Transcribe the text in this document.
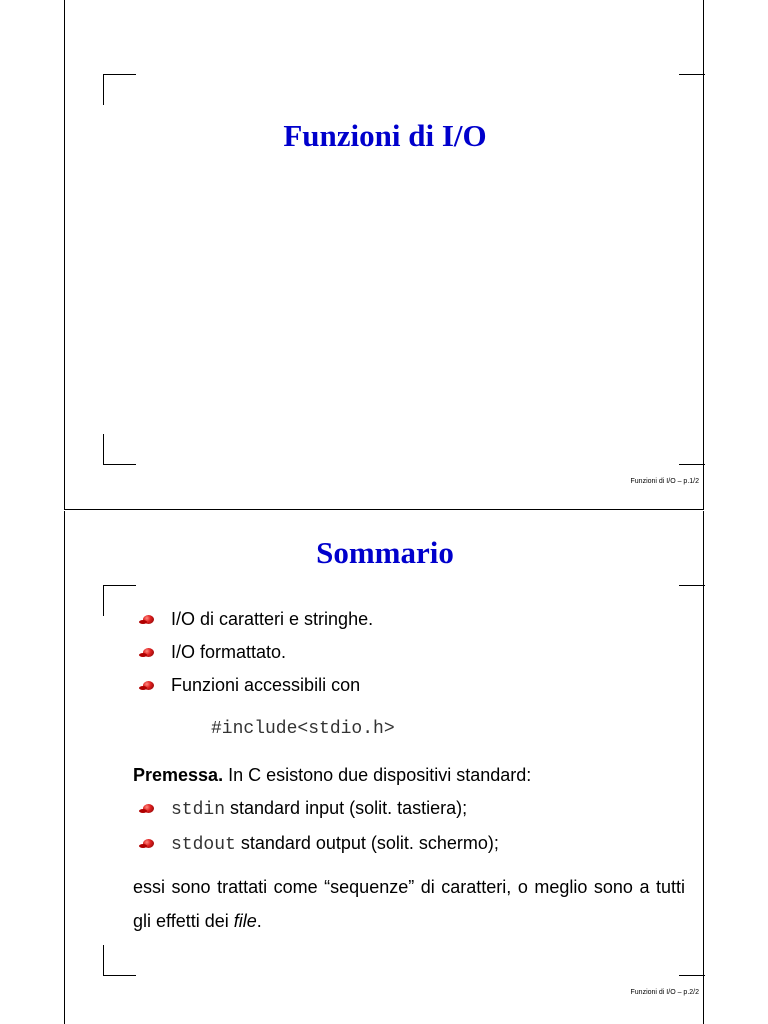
Funzioni di I/O
Funzioni di I/O – p.1/2
Sommario
I/O di caratteri e stringhe.
I/O formattato.
Funzioni accessibili con
#include<stdio.h>
Premessa. In C esistono due dispositivi standard:
stdin standard input (solit. tastiera);
stdout standard output (solit. schermo);
essi sono trattati come “sequenze” di caratteri, o meglio sono a tutti gli effetti dei file.
Funzioni di I/O – p.2/2
